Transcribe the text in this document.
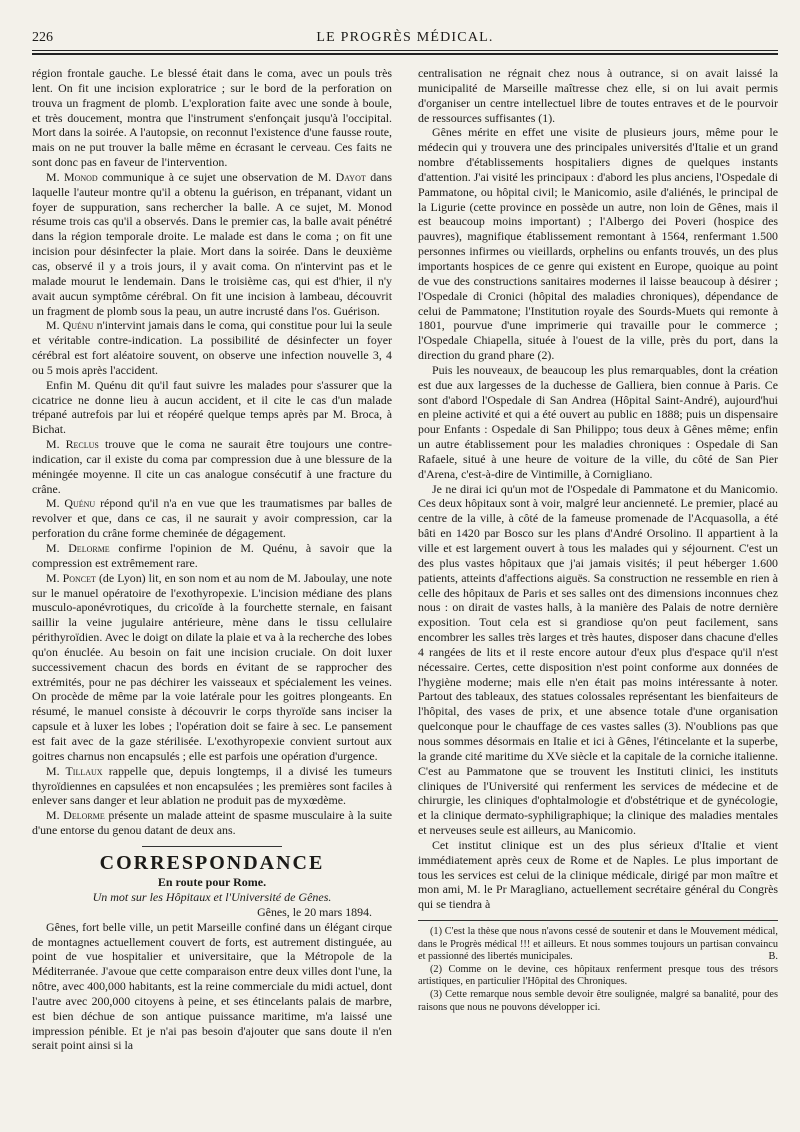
226	LE PROGRÈS MÉDICAL.

région frontale gauche. Le blessé était dans le coma, avec un pouls très lent. On fit une incision exploratrice ; sur le bord de la perforation on trouva un fragment de plomb. L'exploration faite avec une sonde à boule, et très doucement, montra que l'instrument s'enfonçait jusqu'à l'occipital. Mort dans la soirée. A l'autopsie, on reconnut l'existence d'une fausse route, mais on ne put trouver la balle même en écrasant le cerveau. Ces faits ne sont donc pas en faveur de l'intervention.

M. Monod communique à ce sujet une observation de M. Dayot dans laquelle l'auteur montre qu'il a obtenu la guérison, en trépanant, vidant un foyer de suppuration, sans rechercher la balle. A ce sujet, M. Monod résume trois cas qu'il a observés. Dans le premier cas, la balle avait pénétré dans la région temporale droite. Le malade est dans le coma ; on fit une incision pour désinfecter la plaie. Mort dans la soirée. Dans le deuxième cas, observé il y a trois jours, il y avait coma. On n'intervint pas et le malade mourut le lendemain. Dans le troisième cas, qui est d'hier, il n'y avait aucun symptôme cérébral. On fit une incision à lambeau, découvrit un fragment de plomb sous la peau, un autre incrusté dans l'os. Guérison.

M. Quénu n'intervint jamais dans le coma, qui constitue pour lui la seule et véritable contre-indication. La possibilité de désinfecter un foyer cérébral est fort aléatoire souvent, on observe une infection nouvelle 3, 4 ou 5 mois après l'accident.

Enfin M. Quénu dit qu'il faut suivre les malades pour s'assurer que la cicatrice ne donne lieu à aucun accident, et il cite le cas d'un malade trépané autrefois par lui et réopéré quelque temps après par M. Broca, à Bichat.

M. Reclus trouve que le coma ne saurait être toujours une contre-indication, car il existe du coma par compression due à une blessure de la méningée moyenne. Il cite un cas analogue consécutif à une fracture du crâne.

M. Quénu répond qu'il n'a en vue que les traumatismes par balles de revolver et que, dans ce cas, il ne saurait y avoir compression, car la perforation du crâne forme cheminée de dégagement.

M. Delorme confirme l'opinion de M. Quénu, à savoir que la compression est extrêmement rare.

M. Poncet (de Lyon) lit, en son nom et au nom de M. Jaboulay, une note sur le manuel opératoire de l'exothyropexie. L'incision médiane des plans musculo-aponévrotiques, du cricoïde à la fourchette sternale, en faisant saillir la veine jugulaire antérieure, mène dans le tissu cellulaire périthyroïdien. Avec le doigt on dilate la plaie et va à la recherche des lobes qu'on énuclée. Au besoin on fait une incision cruciale. On doit luxer successivement chacun des bords en évitant de se rapprocher des extrémités, pour ne pas déchirer les vaisseaux et spécialement les veines. On procède de même par la voie latérale pour les goitres plongeants. En résumé, le manuel consiste à découvrir le corps thyroïde sans inciser la capsule et à luxer les lobes ; l'opération doit se faire à sec. Le pansement est fait avec de la gaze stérilisée. L'exothyropexie convient surtout aux goitres charnus non encapsulés ; elle est parfois une opération d'urgence.

M. Tillaux rappelle que, depuis longtemps, il a divisé les tumeurs thyroïdiennes en capsulées et non encapsulées ; les premières sont faciles à enlever sans danger et leur ablation ne produit pas de myxœdème.

M. Delorme présente un malade atteint de spasme musculaire à la suite d'une entorse du genou datant de deux ans.

CORRESPONDANCE
En route pour Rome.
Un mot sur les Hôpitaux et l'Université de Gênes.
Gênes, le 20 mars 1894.

Gênes, fort belle ville, un petit Marseille confiné dans un élégant cirque de montagnes actuellement couvert de forts, est autrement distinguée, au point de vue hospitalier et universitaire, que la Métropole de la Méditerranée. J'avoue que cette comparaison entre deux villes dont l'une, la nôtre, avec 400,000 habitants, est la reine commerciale du midi actuel, dont l'autre avec 200,000 citoyens à peine, et ses étincelants palais de marbre, est bien déchue de son antique puissance maritime, m'a laissé une impression pénible. Et je n'ai pas besoin d'ajouter que sans doute il n'en serait point ainsi si la

centralisation ne régnait chez nous à outrance, si on avait laissé la municipalité de Marseille maîtresse chez elle, si on lui avait permis d'organiser un centre intellectuel libre de toutes entraves et de le pourvoir de ressources suffisantes (1).

Gênes mérite en effet une visite de plusieurs jours, même pour le médecin qui y trouvera une des principales universités d'Italie et un grand nombre d'établissements hospitaliers dignes de quelques instants d'attention. J'ai visité les principaux : d'abord les plus anciens, l'Ospedale di Pammatone, ou hôpital civil; le Manicomio, asile d'aliénés, le principal de la Ligurie (cette province en possède un autre, non loin de Gênes, mais il est beaucoup moins important) ; l'Albergo dei Poveri (hospice des pauvres), magnifique établissement remontant à 1564, renfermant 1.500 personnes infirmes ou vieillards, orphelins ou enfants trouvés, un des plus importants hospices de ce genre qui existent en Europe, quoique au point de vue des constructions sanitaires modernes il laisse beaucoup à désirer ; l'Ospedale di Cronici (hôpital des maladies chroniques), dépendance de celui de Pammatone; l'Institution royale des Sourds-Muets qui remonte à 1801, pourvue d'une imprimerie qui travaille pour le commerce ; l'Ospedale Chiapella, située à l'ouest de la ville, près du port, dans la direction du grand phare (2).

Puis les nouveaux, de beaucoup les plus remarquables, dont la création est due aux largesses de la duchesse de Galliera, bien connue à Paris. Ce sont d'abord l'Ospedale di San Andrea (Hôpital Saint-André), aujourd'hui en pleine activité et qui a été ouvert au public en 1888; puis un dispensaire pour Enfants : Ospedale di San Philippo; tous deux à Gênes même; enfin un autre établissement pour les maladies chroniques : Ospedale di San Rafaele, situé à une heure de voiture de la ville, du côté de San Pier d'Arena, c'est-à-dire de Vintimille, à Cornigliano.

Je ne dirai ici qu'un mot de l'Ospedale di Pammatone et du Manicomio. Ces deux hôpitaux sont à voir, malgré leur ancienneté. Le premier, placé au centre de la ville, à côté de la fameuse promenade de l'Acquasolla, a été bâti en 1420 par Bosco sur les plans d'André Orsolino. Il appartient à la ville et est largement ouvert à tous les malades qui y séjournent. C'est un des plus vastes hôpitaux que j'ai jamais visités; il peut héberger 1.600 patients, atteints d'affections aiguës. Sa construction ne ressemble en rien à celle des hôpitaux de Paris et ses salles ont des dimensions inconnues chez nous : on dirait de vastes halls, à la manière des Palais de notre dernière exposition. Tout cela est si grandiose qu'on peut facilement, sans encombrer les salles très larges et très hautes, disposer dans chacune d'elles 4 rangées de lits et il reste encore autour d'eux plus d'espace qu'il n'est nécessaire. Certes, cette disposition n'est point conforme aux données de l'hygiène moderne; mais elle n'en était pas moins intéressante à noter. Partout des tableaux, des statues colossales représentant les bienfaiteurs de l'hôpital, des vases de prix, et une absence totale d'une organisation quelconque pour le chauffage de ces vastes salles (3). N'oublions pas que nous sommes désormais en Italie et ici à Gênes, l'étincelante et la superbe, la grande cité maritime du XVe siècle et la capitale de la corniche italienne. C'est au Pammatone que se trouvent les Instituti clinici, les instituts cliniques de l'Université qui renferment les services de médecine et de chirurgie, les cliniques d'ophtalmologie et d'obstétrique et de gynécologie, et la clinique dermato-syphiligraphique; la clinique des maladies mentales et nerveuses seule est ailleurs, au Manicomio.

Cet institut clinique est un des plus sérieux d'Italie et vient immédiatement après ceux de Rome et de Naples. Le plus important de tous les services est celui de la clinique médicale, dirigé par mon maître et mon ami, M. le Pr Maragliano, actuellement secrétaire général du Congrès qui se tiendra à

(1) C'est la thèse que nous n'avons cessé de soutenir et dans le Mouvement médical, dans le Progrès médical !!! et ailleurs. Et nous sommes toujours un partisan convaincu et passionné des libertés municipales.	B.
(2) Comme on le devine, ces hôpitaux renferment presque tous des trésors artistiques, en particulier l'Hôpital des Chroniques.
(3) Cette remarque nous semble devoir être soulignée, malgré sa banalité, pour des raisons que nous ne pouvons développer ici.
